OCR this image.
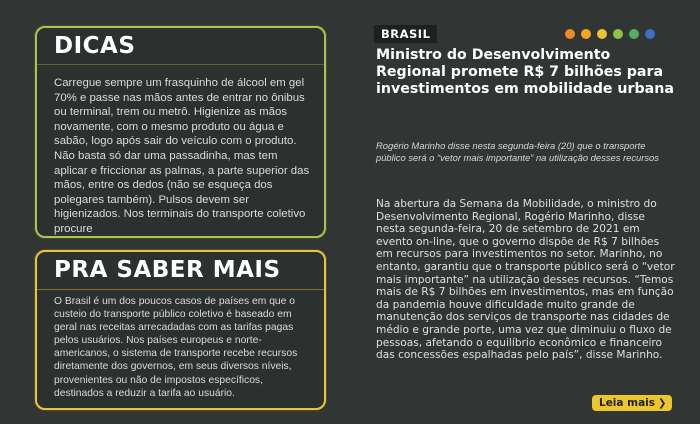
DICAS
Carregue sempre um frasquinho de álcool em gel 70% e passe nas mãos antes de entrar no ônibus ou terminal, trem ou metrô. Higienize as mãos novamente, com o mesmo produto ou água e sabão, logo após sair do veículo com o produto. Não basta só dar uma passadinha, mas tem aplicar e friccionar as palmas, a parte superior das mãos, entre os dedos (não se esqueça dos polegares também). Pulsos devem ser higienizados. Nos terminais do transporte coletivo procure
PRA SABER MAIS
O Brasil é um dos poucos casos de países em que o custeio do transporte público coletivo é baseado em geral nas receitas arrecadadas com as tarifas pagas pelos usuários. Nos países europeus e norte-americanos, o sistema de transporte recebe recursos diretamente dos governos, em seus diversos níveis, provenientes ou não de impostos específicos, destinados a reduzir a tarifa ao usuário.
BRASIL
Ministro do Desenvolvimento Regional promete R$ 7 bilhões para investimentos em mobilidade urbana
Rogério Marinho disse nesta segunda-feira (20) que o transporte público será o “vetor mais importante” na utilização desses recursos
Na abertura da Semana da Mobilidade, o ministro do Desenvolvimento Regional, Rogério Marinho, disse nesta segunda-feira, 20 de setembro de 2021 em evento on-line, que o governo dispõe de R$ 7 bilhões em recursos para investimentos no setor. Marinho, no entanto, garantiu que o transporte público será o “vetor mais importante” na utilização desses recursos. “Temos mais de R$ 7 bilhões em investimentos, mas em função da pandemia houve dificuldade muito grande de manutenção dos serviços de transporte nas cidades de médio e grande porte, uma vez que diminuiu o fluxo de pessoas, afetando o equilíbrio econômico e financeiro das concessões espalhadas pelo país”, disse Marinho.
Leia mais ❯
